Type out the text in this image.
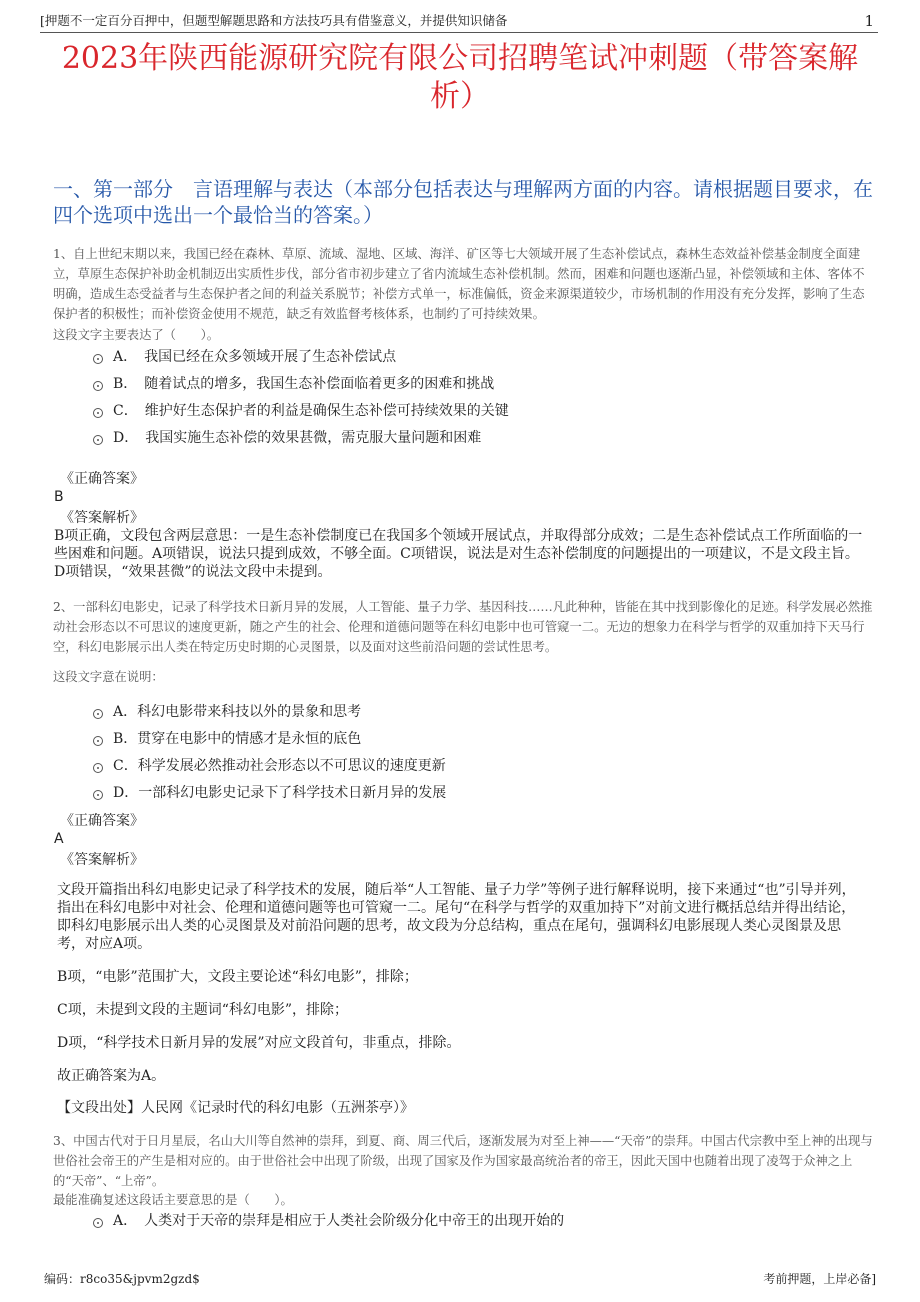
[押题不一定百分百押中，但题型解题思路和方法技巧具有借鉴意义，并提供知识储备	1
2023年陕西能源研究院有限公司招聘笔试冲刺题（带答案解析）
一、第一部分　言语理解与表达（本部分包括表达与理解两方面的内容。请根据题目要求，在四个选项中选出一个最恰当的答案。）
1、自上世纪末期以来，我国已经在森林、草原、流域、湿地、区域、海洋、矿区等七大领域开展了生态补偿试点，森林生态效益补偿基金制度全面建立，草原生态保护补助金机制迈出实质性步伐，部分省市初步建立了省内流域生态补偿机制。然而，困难和问题也逐渐凸显，补偿领域和主体、客体不明确，造成生态受益者与生态保护者之间的利益关系脱节；补偿方式单一，标准偏低，资金来源渠道较少，市场机制的作用没有充分发挥，影响了生态保护者的积极性；而补偿资金使用不规范，缺乏有效监督考核体系，也制约了可持续效果。
这段文字主要表达了（　　）。
A．　我国已经在众多领域开展了生态补偿试点
B．　随着试点的增多，我国生态补偿面临着更多的困难和挑战
C．　维护好生态保护者的利益是确保生态补偿可持续效果的关键
D．　我国实施生态补偿的效果甚微，需克服大量问题和困难
《正确答案》
B
《答案解析》
B项正确，文段包含两层意思：一是生态补偿制度已在我国多个领域开展试点，并取得部分成效；二是生态补偿试点工作所面临的一些困难和问题。A项错误，说法只提到成效，不够全面。C项错误，说法是对生态补偿制度的问题提出的一项建议，不是文段主旨。D项错误，“效果甚微”的说法文段中未提到。
2、一部科幻电影史，记录了科学技术日新月异的发展，人工智能、量子力学、基因科技……凡此种种，皆能在其中找到影像化的足迹。科学发展必然推动社会形态以不可思议的速度更新，随之产生的社会、伦理和道德问题等在科幻电影中也可管窥一二。无边的想象力在科学与哲学的双重加持下天马行空，科幻电影展示出人类在特定历史时期的心灵图景，以及面对这些前沿问题的尝试性思考。
这段文字意在说明：
A．科幻电影带来科技以外的景象和思考
B．贯穿在电影中的情感才是永恒的底色
C．科学发展必然推动社会形态以不可思议的速度更新
D．一部科幻电影史记录下了科学技术日新月异的发展
《正确答案》
A
《答案解析》
文段开篇指出科幻电影史记录了科学技术的发展，随后举“人工智能、量子力学”等例子进行解释说明，接下来通过“也”引导并列，指出在科幻电影中对社会、伦理和道德问题等也可管窥一二。尾句“在科学与哲学的双重加持下”对前文进行概括总结并得出结论，即科幻电影展示出人类的心灵图景及对前沿问题的思考，故文段为分总结构，重点在尾句，强调科幻电影展现人类心灵图景及思考，对应A项。
B项，“电影”范围扩大，文段主要论述“科幻电影”，排除；
C项，未提到文段的主题词“科幻电影”，排除；
D项，“科学技术日新月异的发展”对应文段首句，非重点，排除。
故正确答案为A。
【文段出处】人民网《记录时代的科幻电影（五洲茶亭）》
3、中国古代对于日月星辰，名山大川等自然神的崇拜，到夏、商、周三代后，逐渐发展为对至上神——“天帝”的崇拜。中国古代宗教中至上神的出现与世俗社会帝王的产生是相对应的。由于世俗社会中出现了阶级，出现了国家及作为国家最高统治者的帝王，因此天国中也随着出现了凌驾于众神之上的“天帝”、“上帝”。
最能准确复述这段话主要意思的是（　　）。
A．　人类对于天帝的崇拜是相应于人类社会阶级分化中帝王的出现开始的
编码：r8co35&jpvm2gzd$	考前押题，上岸必备]
